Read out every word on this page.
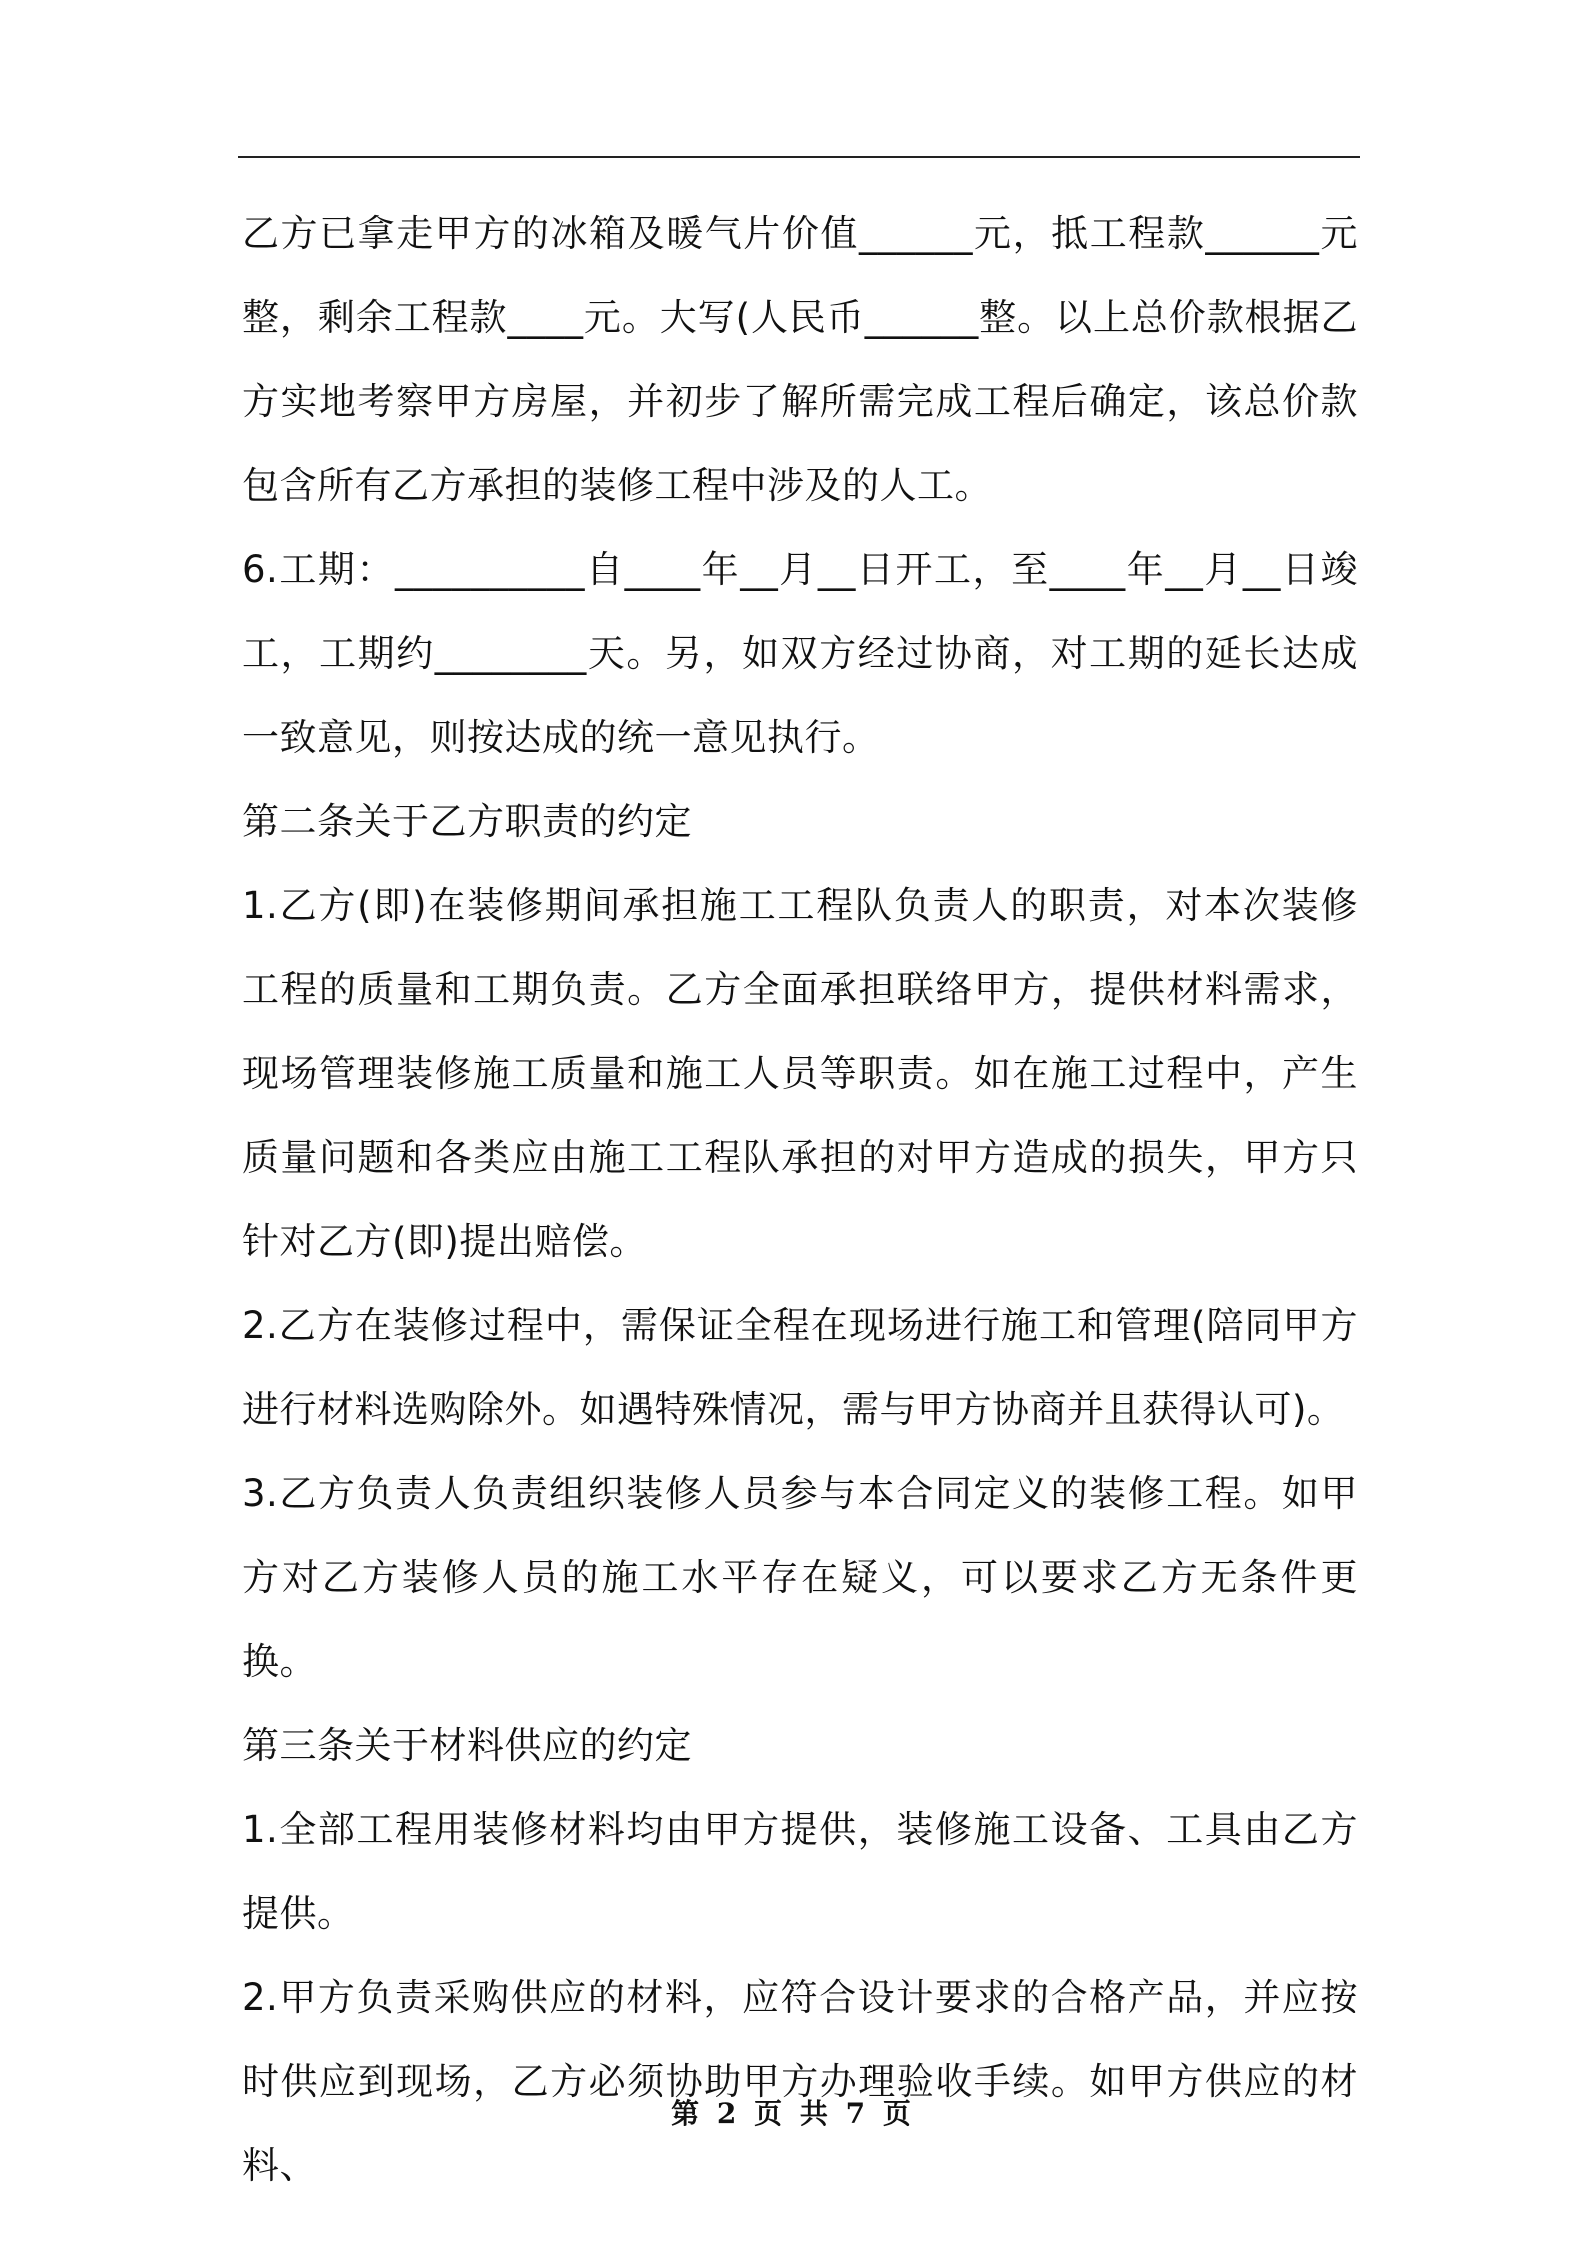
乙方已拿走甲方的冰箱及暖气片价值______元，抵工程款______元整，剩余工程款____元。大写(人民币______整。以上总价款根据乙方实地考察甲方房屋，并初步了解所需完成工程后确定，该总价款包含所有乙方承担的装修工程中涉及的人工。

6.工期：__________自____年__月__日开工，至____年__月__日竣工，工期约________天。另，如双方经过协商，对工期的延长达成一致意见，则按达成的统一意见执行。

第二条关于乙方职责的约定

1.乙方(即)在装修期间承担施工工程队负责人的职责，对本次装修工程的质量和工期负责。乙方全面承担联络甲方，提供材料需求，现场管理装修施工质量和施工人员等职责。如在施工过程中，产生质量问题和各类应由施工工程队承担的对甲方造成的损失，甲方只针对乙方(即)提出赔偿。

2.乙方在装修过程中，需保证全程在现场进行施工和管理(陪同甲方进行材料选购除外。如遇特殊情况，需与甲方协商并且获得认可)。

3.乙方负责人负责组织装修人员参与本合同定义的装修工程。如甲方对乙方装修人员的施工水平存在疑义，可以要求乙方无条件更换。

第三条关于材料供应的约定

1.全部工程用装修材料均由甲方提供，装修施工设备、工具由乙方提供。

2.甲方负责采购供应的材料，应符合设计要求的合格产品，并应按时供应到现场，乙方必须协助甲方办理验收手续。如甲方供应的材料、

第 2 页 共 7 页
